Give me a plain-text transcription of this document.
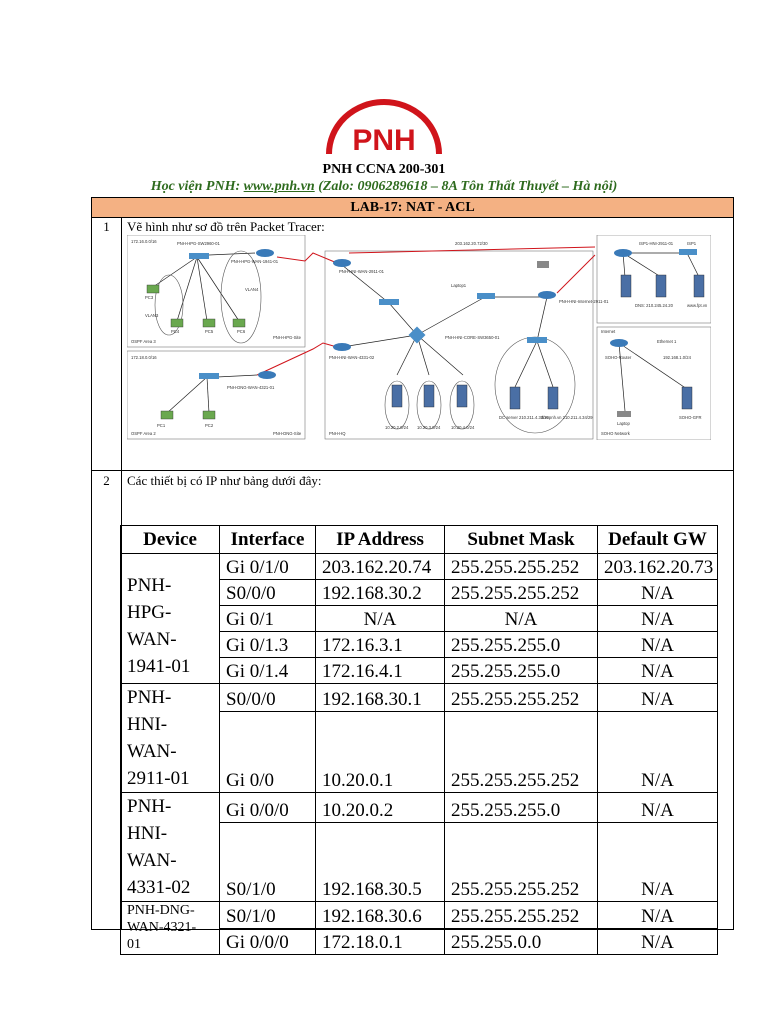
PNH
PNH CCNA 200-301
Học viện PNH: www.pnh.vn (Zalo: 0906289618 – 8A Tôn Thất Thuyết – Hà nội)
LAB-17: NAT - ACL
1	Vẽ hình như sơ đồ trên Packet Tracer:
2	Các thiết bị có IP như bảng dưới đây:
172.16.0.0/16	PNH-HPG-SW2960-01
PNH-HPG-WAN-1941-01
PNH-HPG-Site
OSPF Area 3
VLAN3
VLAN4
PC3
PC4	PC5	PC6
172.18.0.0/16
PNH-DNG-WAN-4321-01
PNH-DNG-Site
OSPF Area 2
PC1	PC2
203.162.20.72/30
PNH-HNI-WAN-2911-01
PNH-HNI-CORE-SW3650-01
PNH-HNI-WAN-4331-02
PNH-HQ
10.20.2.0/24 10.20.3.0/24	10.20.4.0/24
Laptop1
PNH-HNI-Internet-2911-01
ISP1-HNI-2911-01	ISP1
DNS: 210.245.24.20	www.fpt.vn
DC server 210.211.4.33/29
dns.pnh.vn 210.211.4.34/29
Internet
SOHO-Router	192.168.1.0/24
Laptop
SOHO-GFR
SOHO Network
Ethernet 1
Device	Interface	IP Address	Subnet Mask	Default GW

PNH-
HPG-
WAN-
1941-01	Gi 0/1/0	203.162.20.74	255.255.255.252	203.162.20.73
	S0/0/0	192.168.30.2	255.255.255.252	N/A
	Gi 0/1	N/A	N/A	N/A
	Gi 0/1.3	172.16.3.1	255.255.255.0	N/A
	Gi 0/1.4	172.16.4.1	255.255.255.0	N/A

PNH-
HNI-
WAN-
2911-01	S0/0/0	192.168.30.1	255.255.255.252	N/A
	Gi 0/0	10.20.0.1	255.255.255.252	N/A

PNH-
HNI-
WAN-
4331-02	Gi 0/0/0	10.20.0.2	255.255.255.0	N/A
	S0/1/0	192.168.30.5	255.255.255.252	N/A

PNH-DNG-
WAN-4321-
01	S0/1/0	192.168.30.6	255.255.255.252	N/A
	Gi 0/0/0	172.18.0.1	255.255.0.0	N/A
